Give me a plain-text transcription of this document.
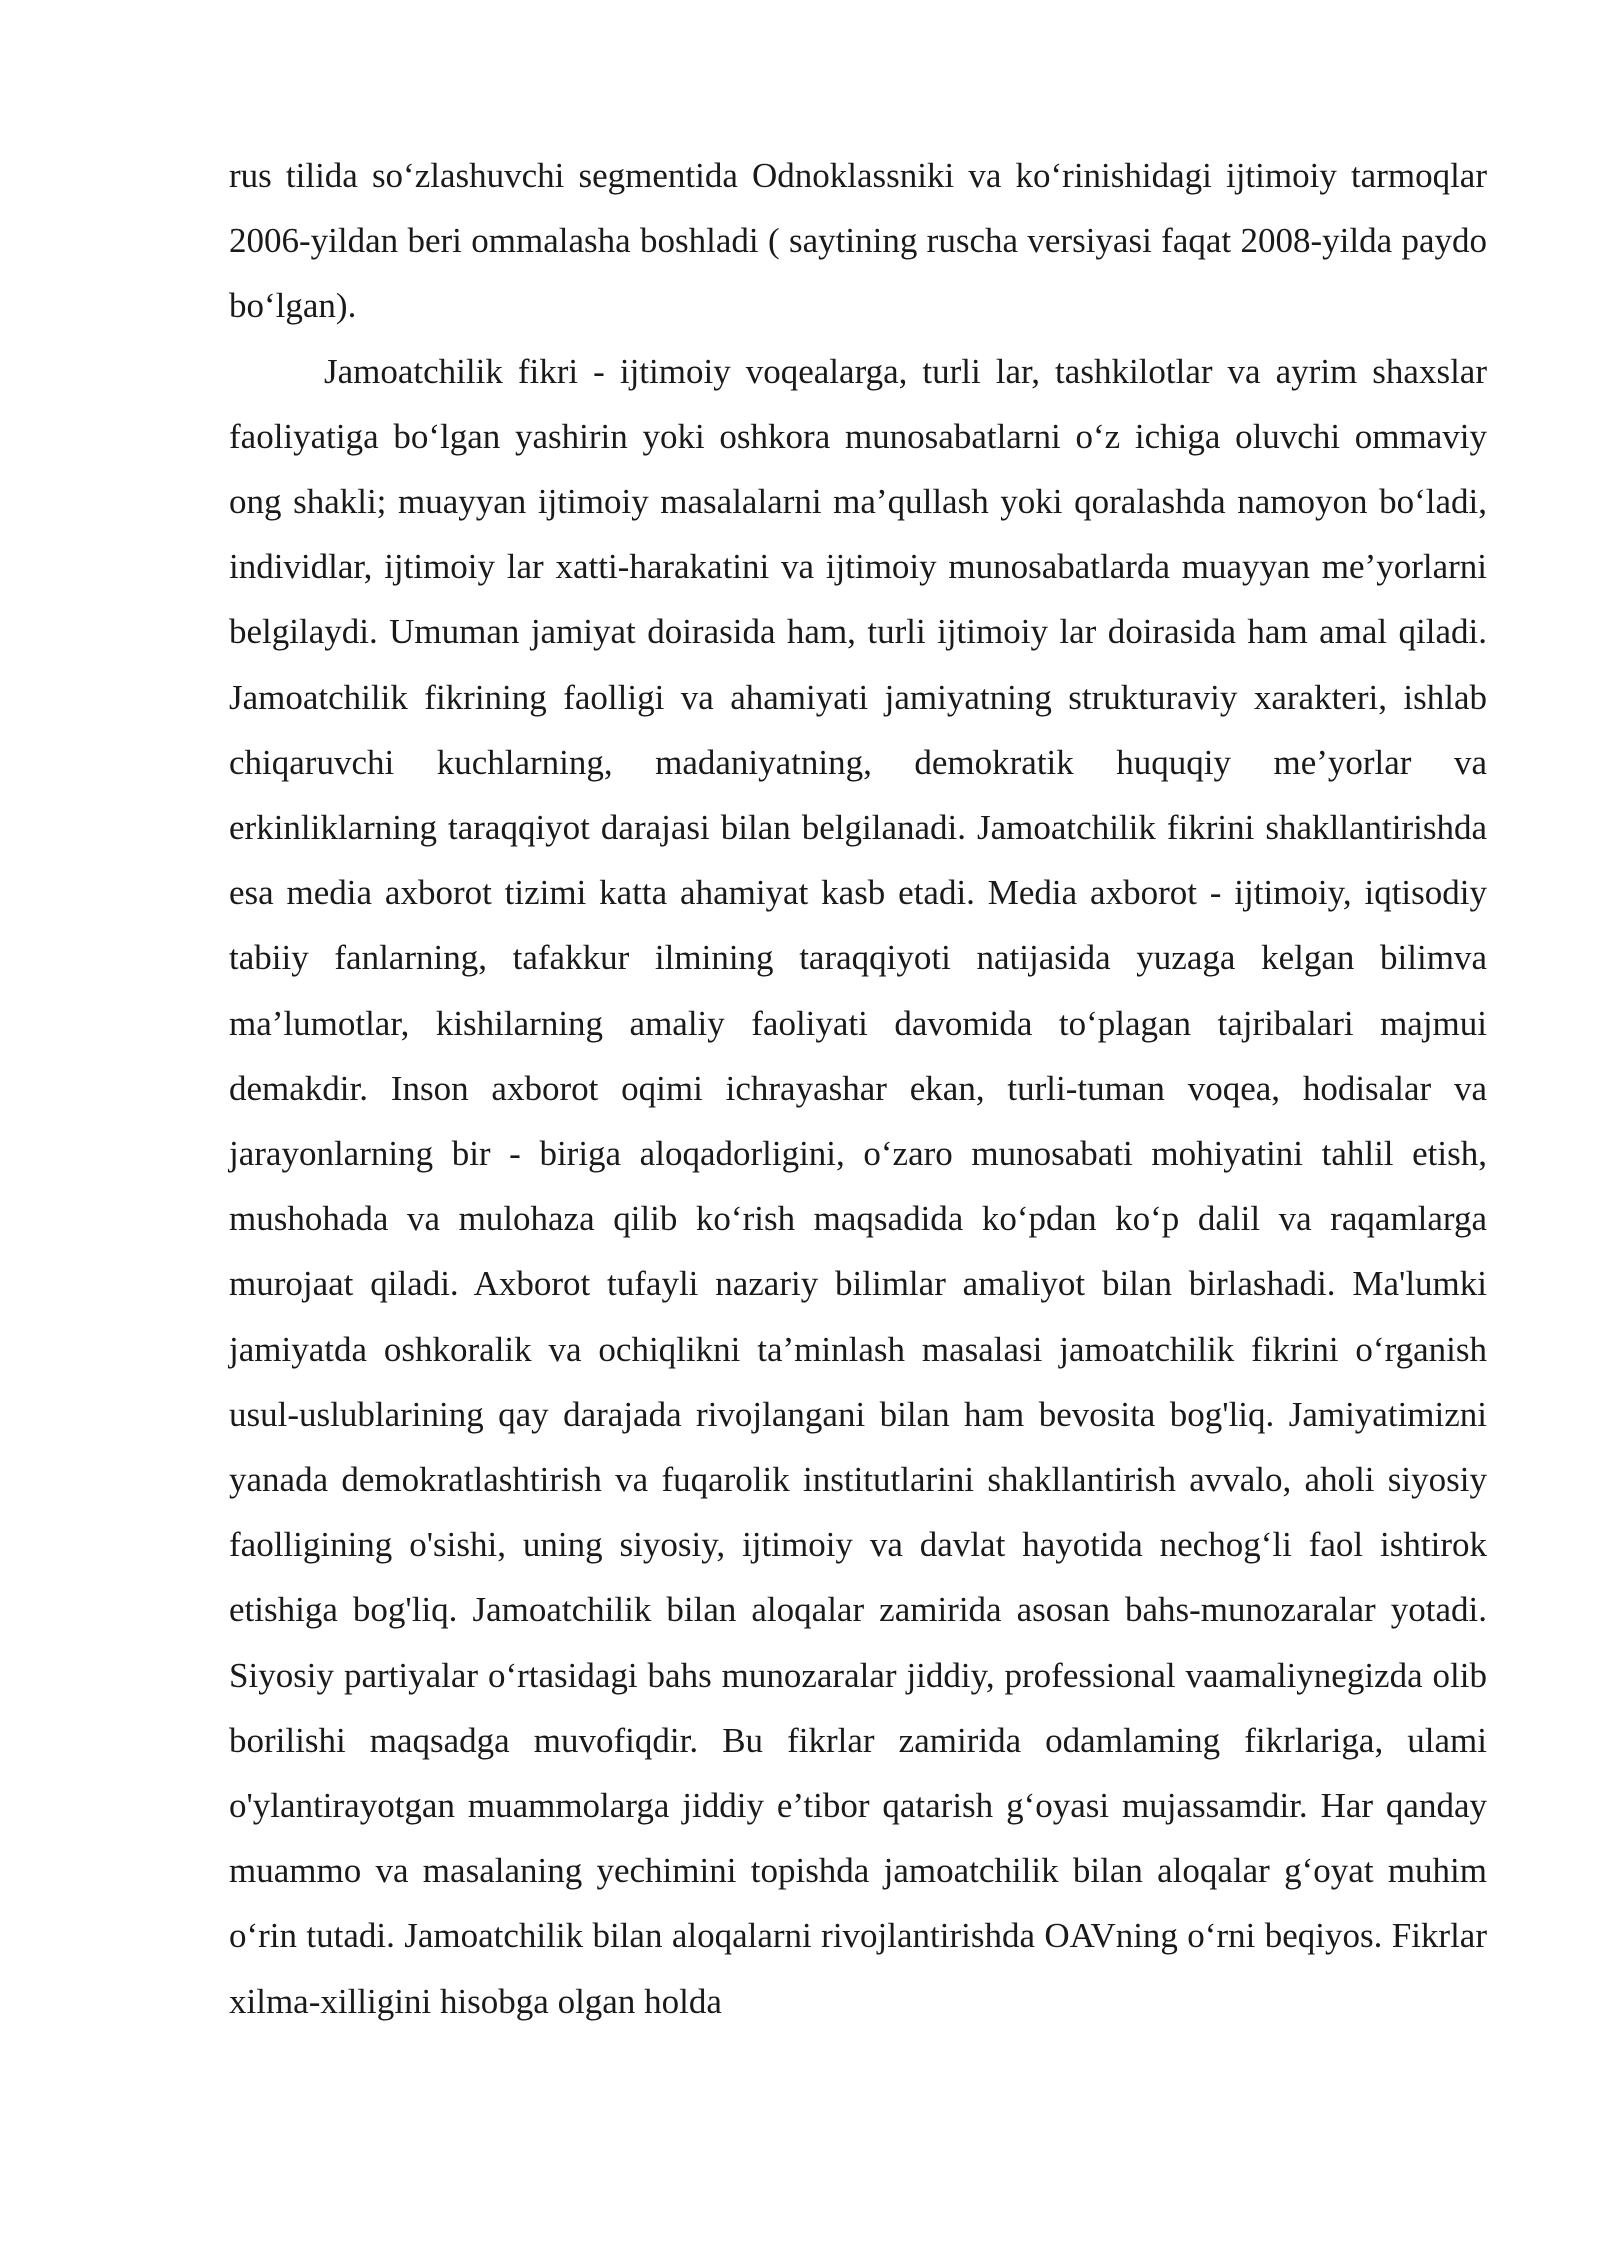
rus tilida so‘zlashuvchi segmentida Odnoklassniki va ko‘rinishidagi ijtimoiy tarmoqlar 2006-yildan beri ommalasha boshladi ( saytining ruscha versiyasi faqat 2008-yilda paydo bo‘lgan).

Jamoatchilik fikri - ijtimoiy voqealarga, turli lar, tashkilotlar va ayrim shaxslar faoliyatiga bo‘lgan yashirin yoki oshkora munosabatlarni o‘z ichiga oluvchi ommaviy ong shakli; muayyan ijtimoiy masalalarni ma’qullash yoki qoralashda namoyon bo‘ladi, individlar, ijtimoiy lar xatti-harakatini va ijtimoiy munosabatlarda muayyan me’yorlarni belgilaydi. Umuman jamiyat doirasida ham, turli ijtimoiy lar doirasida ham amal qiladi. Jamoatchilik fikrining faolligi va ahamiyati jamiyatning strukturaviy xarakteri, ishlab chiqaruvchi kuchlarning, madaniyatning, demokratik huquqiy me’yorlar va erkinliklarning taraqqiyot darajasi bilan belgilanadi. Jamoatchilik fikrini shakllantirishda esa media axborot tizimi katta ahamiyat kasb etadi. Media axborot - ijtimoiy, iqtisodiy tabiiy fanlarning, tafakkur ilmining taraqqiyoti natijasida yuzaga kelgan bilimva ma’lumotlar, kishilarning amaliy faoliyati davomida to‘plagan tajribalari majmui demakdir. Inson axborot oqimi ichrayashar ekan, turli-tuman voqea, hodisalar va jarayonlarning bir - biriga aloqadorligini, o‘zaro munosabati mohiyatini tahlil etish, mushohada va mulohaza qilib ko‘rish maqsadida ko‘pdan ko‘p dalil va raqamlarga murojaat qiladi. Axborot tufayli nazariy bilimlar amaliyot bilan birlashadi. Ma'lumki jamiyatda oshkoralik va ochiqlikni ta’minlash masalasi jamoatchilik fikrini o‘rganish usul-uslublarining qay darajada rivojlangani bilan ham bevosita bog'liq. Jamiyatimizni yanada demokratlashtirish va fuqarolik institutlarini shakllantirish avvalo, aholi siyosiy faolligining o'sishi, uning siyosiy, ijtimoiy va davlat hayotida nechog‘li faol ishtirok etishiga bog'liq. Jamoatchilik bilan aloqalar zamirida asosan bahs-munozaralar yotadi. Siyosiy partiyalar o‘rtasidagi bahs munozaralar jiddiy, professional vaamaliynegizda olib borilishi maqsadga muvofiqdir. Bu fikrlar zamirida odamlaming fikrlariga, ulami o'ylantirayotgan muammolarga jiddiy e’tibor qatarish g‘oyasi mujassamdir. Har qanday muammo va masalaning yechimini topishda jamoatchilik bilan aloqalar g‘oyat muhim o‘rin tutadi. Jamoatchilik bilan aloqalarni rivojlantirishda OAVning o‘rni beqiyos. Fikrlar xilma-xilligini hisobga olgan holda
